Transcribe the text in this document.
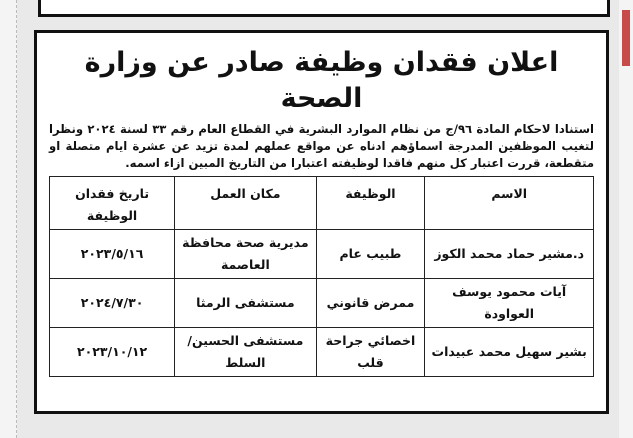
اعلان فقدان وظيفة صادر عن وزارة الصحة

استنادا لاحكام المادة ٩٦/ج من نظام الموارد البشرية في القطاع العام رقم ٣٣ لسنة ٢٠٢٤ ونظرا لتغيب الموظفين المدرجة اسماؤهم ادناه عن مواقع عملهم لمدة تزيد عن عشرة ايام متصلة او متقطعة، قررت اعتبار كل منهم فاقدا لوظيفته اعتبارا من التاريخ المبين ازاء اسمه.

الاسم	الوظيفة	مكان العمل	تاريخ فقدان الوظيفة
د.مشير حماد محمد الكوز	طبيب عام	مديرية صحة محافظة العاصمة	٢٠٢٣/٥/١٦
آيات محمود يوسف العواودة	ممرض قانوني	مستشفى الرمثا	٢٠٢٤/٧/٣٠
بشير سهيل محمد عبيدات	اخصائي جراحة قلب	مستشفى الحسين/ السلط	٢٠٢٣/١٠/١٢
